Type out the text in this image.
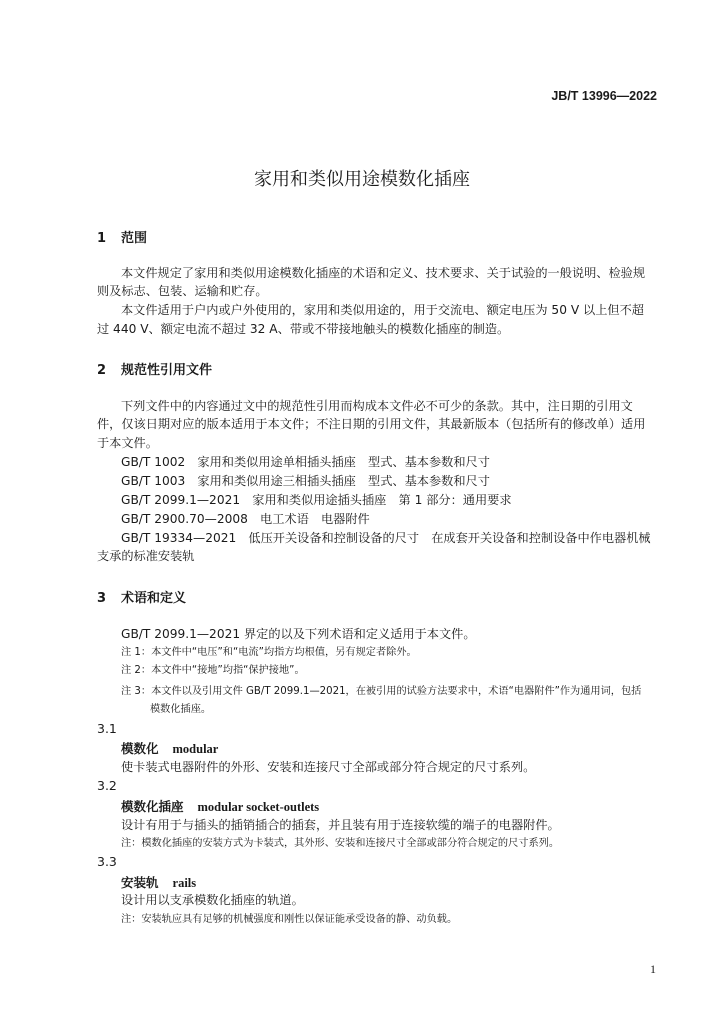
JB/T 13996—2022
家用和类似用途模数化插座
1 范围
本文件规定了家用和类似用途模数化插座的术语和定义、技术要求、关于试验的一般说明、检验规
则及标志、包装、运输和贮存。
本文件适用于户内或户外使用的，家用和类似用途的，用于交流电、额定电压为 50 V 以上但不超
过 440 V、额定电流不超过 32 A、带或不带接地触头的模数化插座的制造。
2 规范性引用文件
下列文件中的内容通过文中的规范性引用而构成本文件必不可少的条款。其中，注日期的引用文
件，仅该日期对应的版本适用于本文件；不注日期的引用文件，其最新版本（包括所有的修改单）适用
于本文件。
GB/T 1002　家用和类似用途单相插头插座　型式、基本参数和尺寸
GB/T 1003　家用和类似用途三相插头插座　型式、基本参数和尺寸
GB/T 2099.1—2021　家用和类似用途插头插座　第 1 部分：通用要求
GB/T 2900.70—2008　电工术语　电器附件
GB/T 19334—2021　低压开关设备和控制设备的尺寸　在成套开关设备和控制设备中作电器机械
支承的标准安装轨
3 术语和定义
GB/T 2099.1—2021 界定的以及下列术语和定义适用于本文件。
注 1：本文件中“电压”和“电流”均指方均根值，另有规定者除外。
注 2：本文件中“接地”均指“保护接地”。
注 3：本文件以及引用文件 GB/T 2099.1—2021，在被引用的试验方法要求中，术语“电器附件”作为通用词，包括
模数化插座。
3.1
模数化 modular
使卡装式电器附件的外形、安装和连接尺寸全部或部分符合规定的尺寸系列。
3.2
模数化插座 modular socket-outlets
设计有用于与插头的插销插合的插套，并且装有用于连接软缆的端子的电器附件。
注：模数化插座的安装方式为卡装式，其外形、安装和连接尺寸全部或部分符合规定的尺寸系列。
3.3
安装轨 rails
设计用以支承模数化插座的轨道。
注：安装轨应具有足够的机械强度和刚性以保证能承受设备的静、动负载。
1
